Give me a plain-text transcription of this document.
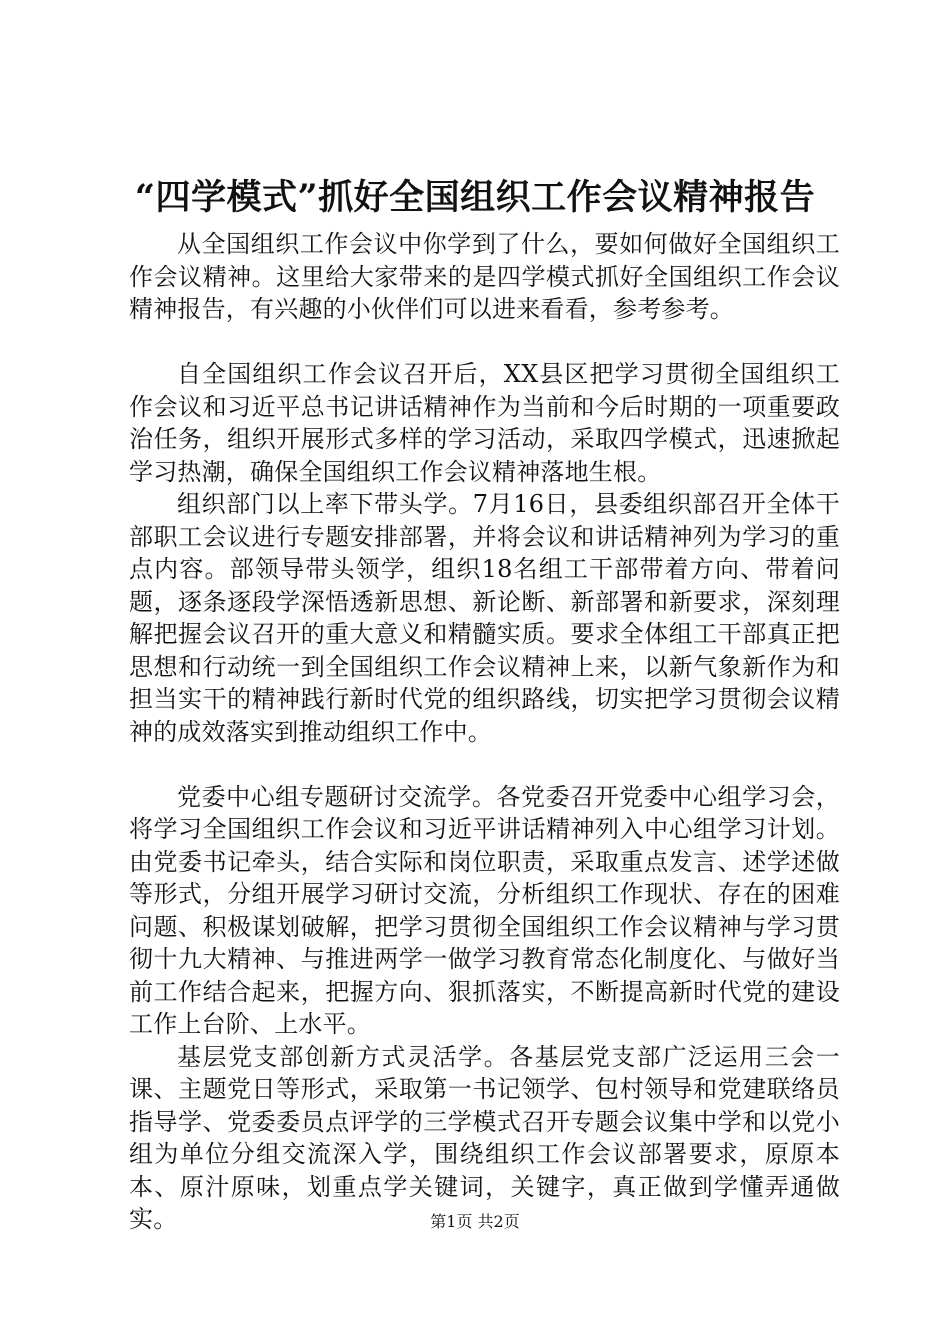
“四学模式”抓好全国组织工作会议精神报告

从全国组织工作会议中你学到了什么，要如何做好全国组织工作会议精神。这里给大家带来的是四学模式抓好全国组织工作会议精神报告，有兴趣的小伙伴们可以进来看看，参考参考。

自全国组织工作会议召开后，XX县区把学习贯彻全国组织工作会议和习近平总书记讲话精神作为当前和今后时期的一项重要政治任务，组织开展形式多样的学习活动，采取四学模式，迅速掀起学习热潮，确保全国组织工作会议精神落地生根。

组织部门以上率下带头学。7月16日，县委组织部召开全体干部职工会议进行专题安排部署，并将会议和讲话精神列为学习的重点内容。部领导带头领学，组织18名组工干部带着方向、带着问题，逐条逐段学深悟透新思想、新论断、新部署和新要求，深刻理解把握会议召开的重大意义和精髓实质。要求全体组工干部真正把思想和行动统一到全国组织工作会议精神上来，以新气象新作为和担当实干的精神践行新时代党的组织路线，切实把学习贯彻会议精神的成效落实到推动组织工作中。

党委中心组专题研讨交流学。各党委召开党委中心组学习会，将学习全国组织工作会议和习近平讲话精神列入中心组学习计划。由党委书记牵头，结合实际和岗位职责，采取重点发言、述学述做等形式，分组开展学习研讨交流，分析组织工作现状、存在的困难问题、积极谋划破解，把学习贯彻全国组织工作会议精神与学习贯彻十九大精神、与推进两学一做学习教育常态化制度化、与做好当前工作结合起来，把握方向、狠抓落实，不断提高新时代党的建设工作上台阶、上水平。

基层党支部创新方式灵活学。各基层党支部广泛运用三会一课、主题党日等形式，采取第一书记领学、包村领导和党建联络员指导学、党委委员点评学的三学模式召开专题会议集中学和以党小组为单位分组交流深入学，围绕组织工作会议部署要求，原原本本、原汁原味，划重点学关键词，关键字，真正做到学懂弄通做实。	第1页 共2页
